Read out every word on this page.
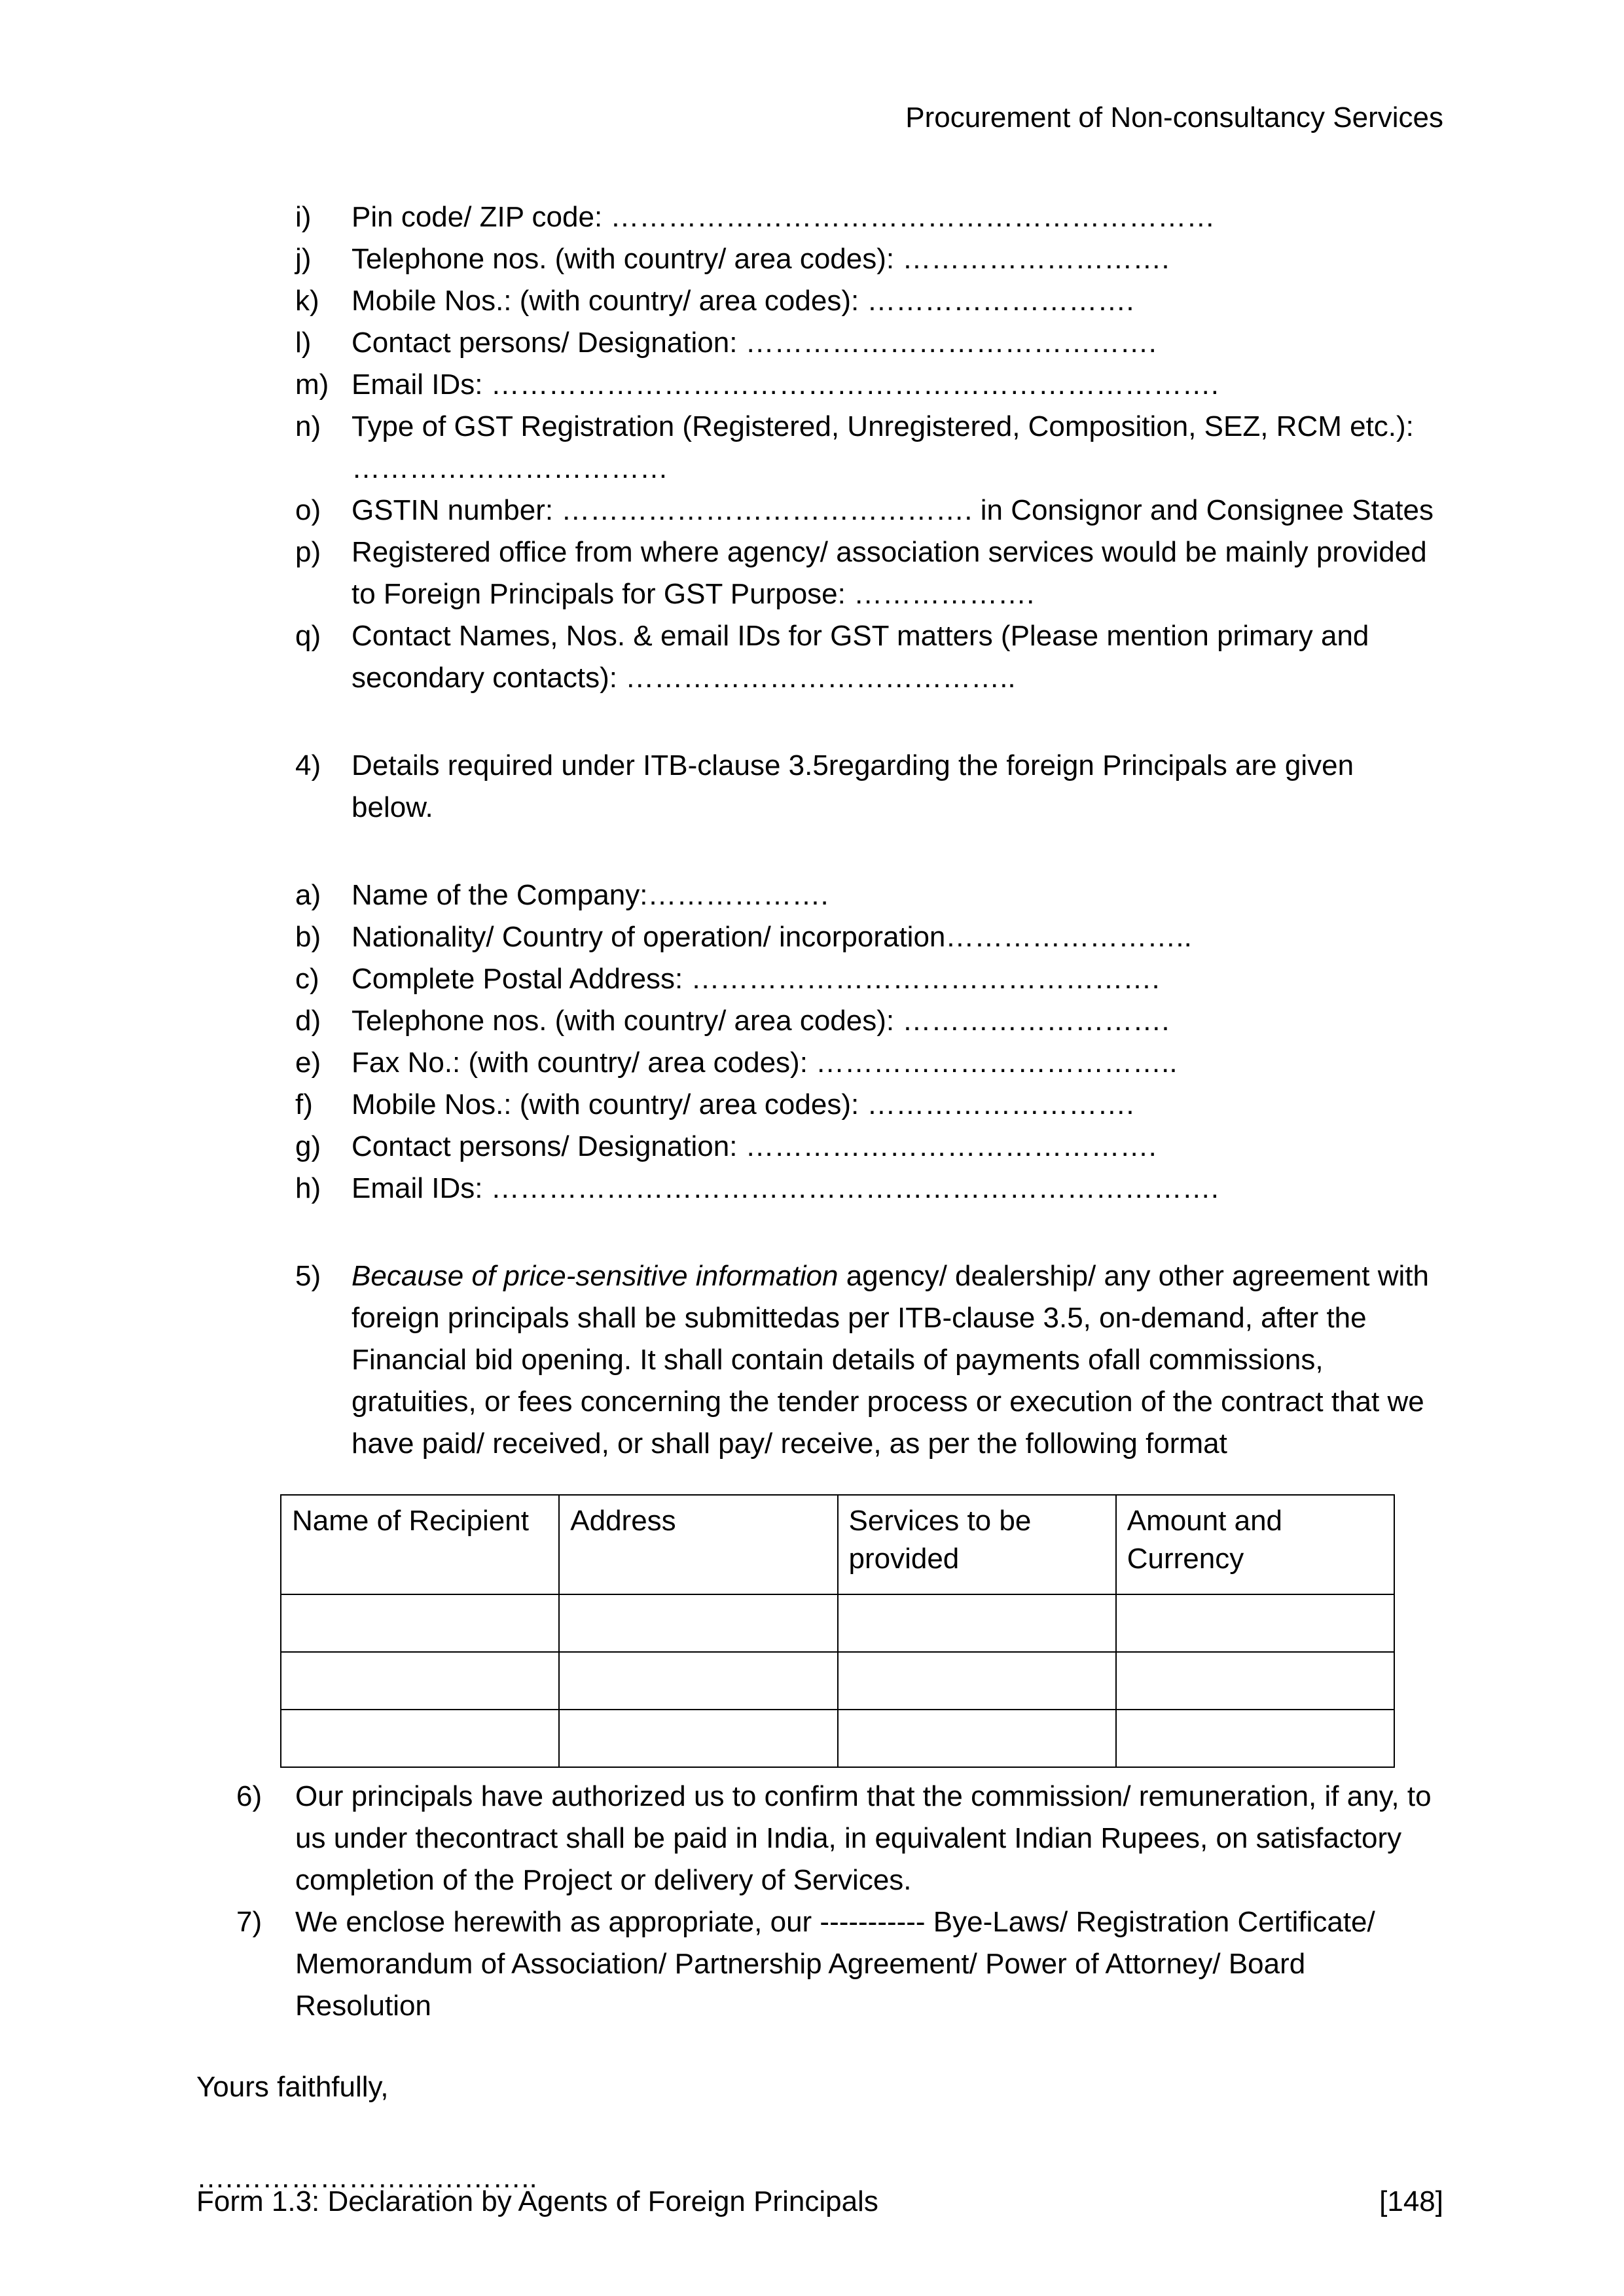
Procurement of Non-consultancy Services
i)	Pin code/ ZIP code: ………………………………………………………
j)	Telephone nos. (with country/ area codes): ……………………….
k)	Mobile Nos.: (with country/ area codes): ……………………….
l)	Contact persons/ Designation: …………………………………….
m) Email IDs: ………………………………………………………………….
n)	Type of GST Registration (Registered, Unregistered, Composition, SEZ, RCM etc.): ……………………………
o)	GSTIN number: ……………………………………. in Consignor and Consignee States
p)	Registered office from where agency/ association services would be mainly provided to Foreign Principals for GST Purpose: ……………….
q)	Contact Names, Nos. & email IDs for GST matters (Please mention primary and secondary contacts): …………………………………..
4)	Details required under ITB-clause 3.5regarding the foreign Principals are given below.
a)	Name of the Company:……………….
b)	Nationality/ Country of operation/ incorporation……………………..
c)	Complete Postal Address: ………………………………………….
d)	Telephone nos. (with country/ area codes): ……………………….
e)	Fax No.: (with country/ area codes): ………………………………..
f)	Mobile Nos.: (with country/ area codes): ……………………….
g)	Contact persons/ Designation: …………………………………….
h)	Email IDs: ………………………………………………………………….
5)	Because of price-sensitive information agency/ dealership/ any other agreement with foreign principals shall be submittedas per ITB-clause 3.5, on-demand, after the Financial bid opening. It shall contain details of payments ofall commissions, gratuities, or fees concerning the tender process or execution of the contract that we have paid/ received, or shall pay/ receive, as per the following format
Name of Recipient	Address	Services to be provided	Amount and Currency

6)	Our principals have authorized us to confirm that the commission/ remuneration, if any, to us under thecontract shall be paid in India, in equivalent Indian Rupees, on satisfactory completion of the Project or delivery of Services.
7)	We enclose herewith as appropriate, our ----------- Bye-Laws/ Registration Certificate/ Memorandum of Association/ Partnership Agreement/ Power of Attorney/ Board Resolution
Yours faithfully,
….…………………………..
Form 1.3: Declaration by Agents of Foreign Principals	[148]
